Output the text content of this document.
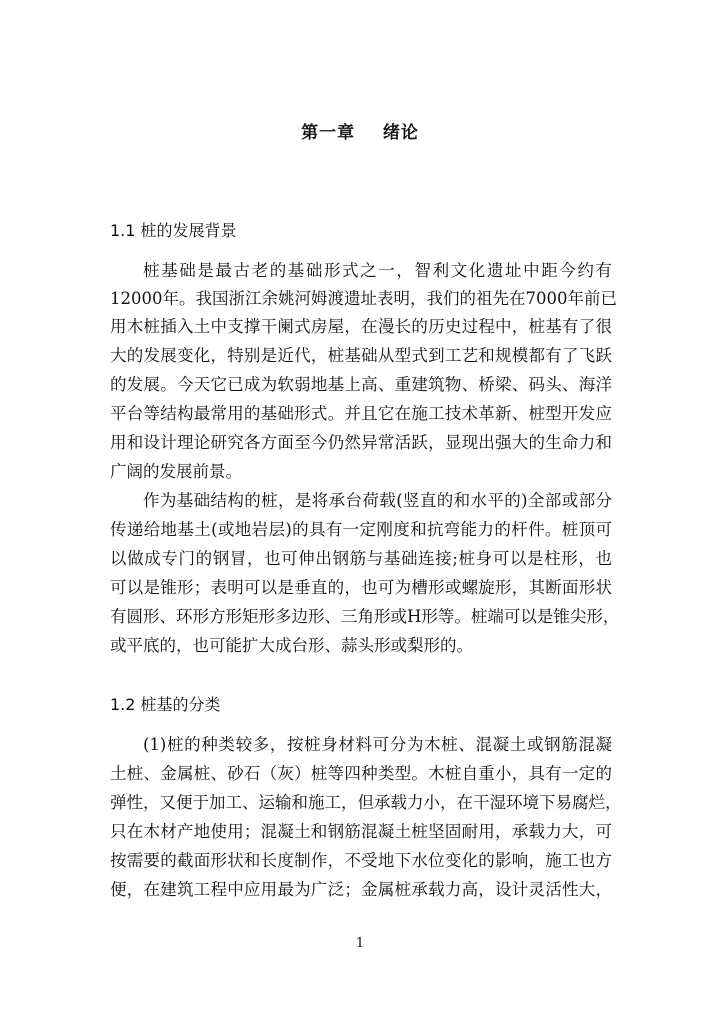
第一章    绪论
1.1 桩的发展背景
桩基础是最古老的基础形式之一，智利文化遗址中距今约有
12000年。我国浙江余姚河姆渡遗址表明，我们的祖先在7000年前已
用木桩插入土中支撑干阑式房屋，在漫长的历史过程中，桩基有了很
大的发展变化，特别是近代，桩基础从型式到工艺和规模都有了飞跃
的发展。今天它已成为软弱地基上高、重建筑物、桥梁、码头、海洋
平台等结构最常用的基础形式。并且它在施工技术革新、桩型开发应
用和设计理论研究各方面至今仍然异常活跃，显现出强大的生命力和
广阔的发展前景。
作为基础结构的桩，是将承台荷载(竖直的和水平的)全部或部分
传递给地基土(或地岩层)的具有一定刚度和抗弯能力的杆件。桩顶可
以做成专门的钢冒，也可伸出钢筋与基础连接;桩身可以是柱形，也
可以是锥形；表明可以是垂直的，也可为槽形或螺旋形，其断面形状
有圆形、环形方形矩形多边形、三角形或H形等。桩端可以是锥尖形，
或平底的，也可能扩大成台形、蒜头形或梨形的。
1.2 桩基的分类
(1)桩的种类较多，按桩身材料可分为木桩、混凝土或钢筋混凝
土桩、金属桩、砂石（灰）桩等四种类型。木桩自重小，具有一定的
弹性，又便于加工、运输和施工，但承载力小，在干湿环境下易腐烂，
只在木材产地使用；混凝土和钢筋混凝土桩坚固耐用，承载力大，可
按需要的截面形状和长度制作，不受地下水位变化的影响，施工也方
便，在建筑工程中应用最为广泛；金属桩承载力高，设计灵活性大，
1
